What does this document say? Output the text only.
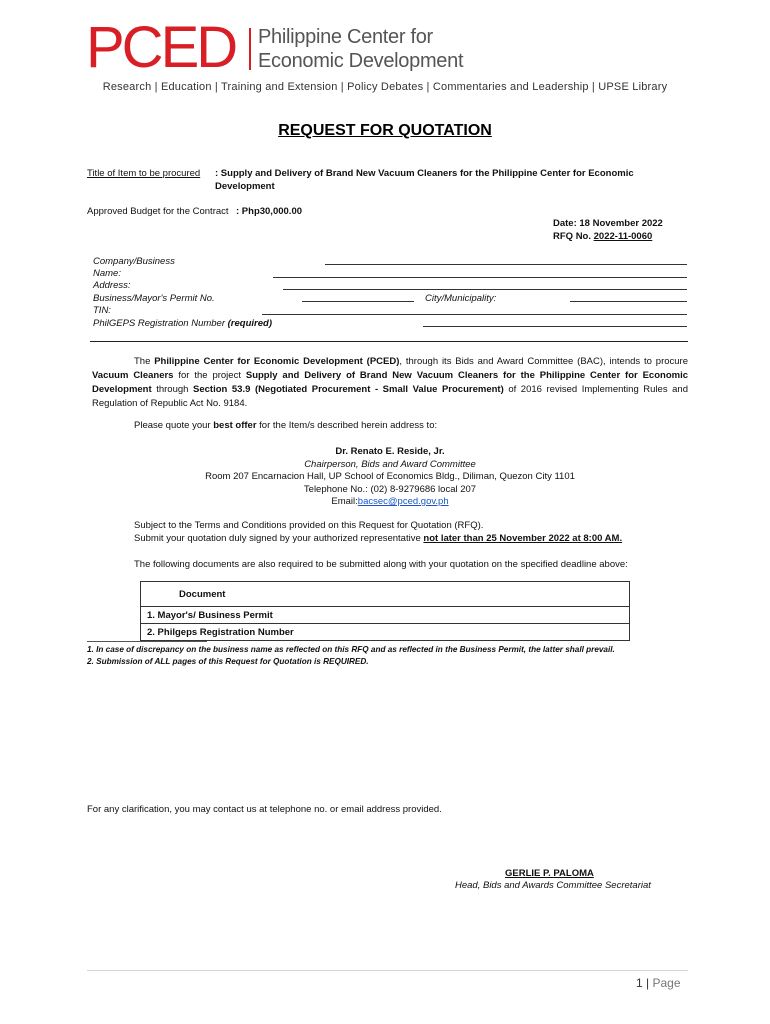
PCED Philippine Center for
Economic Development
Research | Education | Training and Extension | Policy Debates | Commentaries and Leadership | UPSE Library
REQUEST FOR QUOTATION
Title of Item to be procured : Supply and Delivery of Brand New Vacuum Cleaners for the Philippine Center for Economic
Development
Approved Budget for the Contract : Php30,000.00
Date: 18 November 2022
RFQ No. 2022-11-0060
Company/Business
Name:
Address:
Business/Mayor's Permit No.	City/Municipality:
TIN:
PhilGEPS Registration Number (required)
The Philippine Center for Economic Development (PCED), through its Bids and Award Committee (BAC), intends to procure Vacuum Cleaners for the project Supply and Delivery of Brand New Vacuum Cleaners for the Philippine Center for Economic Development through Section 53.9 (Negotiated Procurement - Small Value Procurement) of 2016 revised Implementing Rules and Regulation of Republic Act No. 9184.
Please quote your best offer for the Item/s described herein address to:
Dr. Renato E. Reside, Jr.
Chairperson, Bids and Award Committee
Room 207 Encarnacion Hall, UP School of Economics Bldg., Diliman, Quezon City 1101
Telephone No.: (02) 8-9279686 local 207
Email:bacsec@pced.gov.ph
Subject to the Terms and Conditions provided on this Request for Quotation (RFQ).
Submit your quotation duly signed by your authorized representative not later than 25 November 2022 at 8:00 AM.
The following documents are also required to be submitted along with your quotation on the specified deadline above:
Document
1. Mayor's/ Business Permit
2. Philgeps Registration Number
1. In case of discrepancy on the business name as reflected on this RFQ and as reflected in the Business Permit, the latter shall prevail.
2. Submission of ALL pages of this Request for Quotation is REQUIRED.
For any clarification, you may contact us at telephone no. or email address provided.
GERLIE P. PALOMA
Head, Bids and Awards Committee Secretariat
1 | Page
